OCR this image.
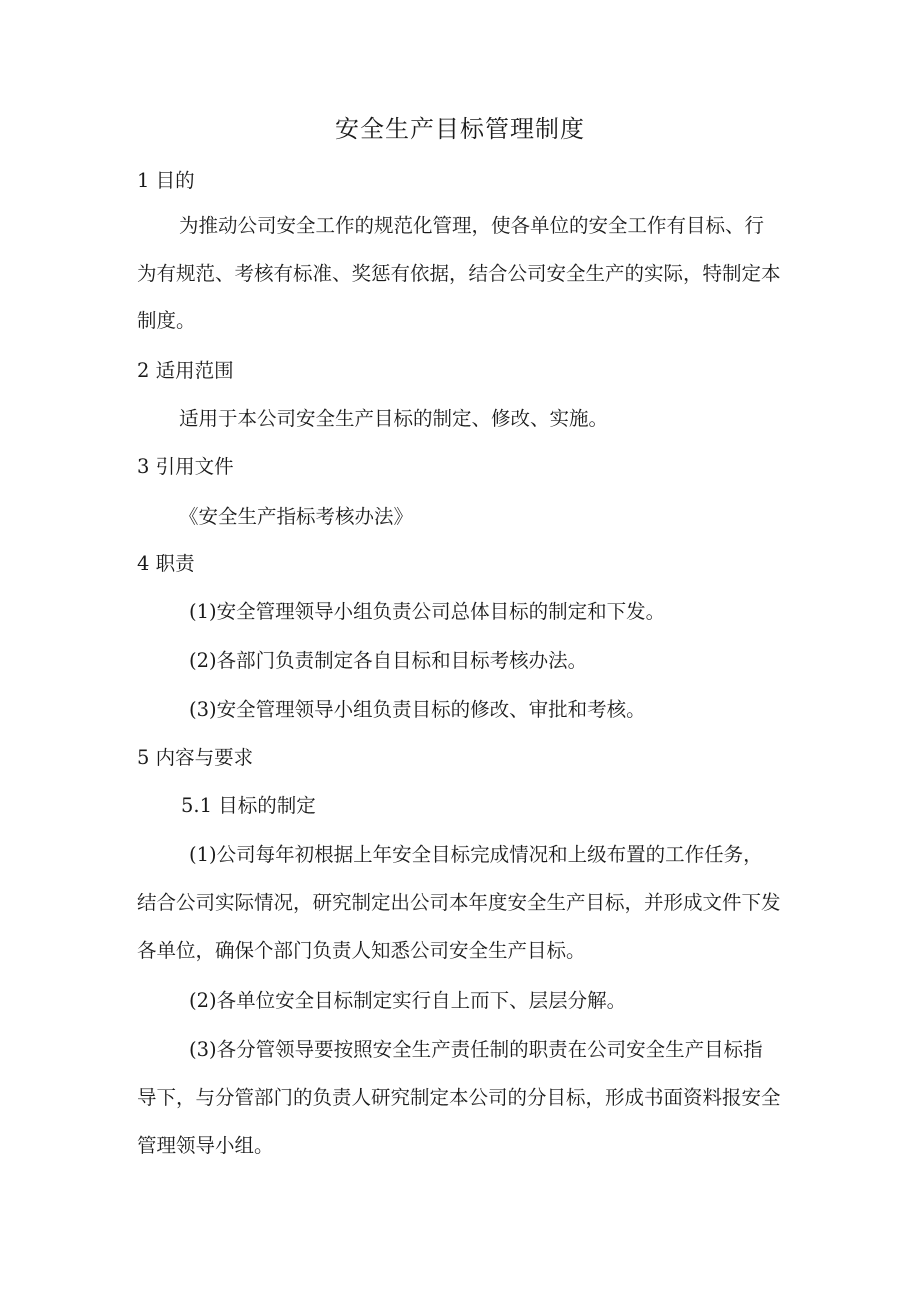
安全生产目标管理制度
1 目的
为推动公司安全工作的规范化管理，使各单位的安全工作有目标、行
为有规范、考核有标准、奖惩有依据，结合公司安全生产的实际，特制定本
制度。
2 适用范围
适用于本公司安全生产目标的制定、修改、实施。
3 引用文件
《安全生产指标考核办法》
4 职责
(1)安全管理领导小组负责公司总体目标的制定和下发。
(2)各部门负责制定各自目标和目标考核办法。
(3)安全管理领导小组负责目标的修改、审批和考核。
5 内容与要求
5.1 目标的制定
(1)公司每年初根据上年安全目标完成情况和上级布置的工作任务，
结合公司实际情况，研究制定出公司本年度安全生产目标，并形成文件下发
各单位，确保个部门负责人知悉公司安全生产目标。
(2)各单位安全目标制定实行自上而下、层层分解。
(3)各分管领导要按照安全生产责任制的职责在公司安全生产目标指
导下，与分管部门的负责人研究制定本公司的分目标，形成书面资料报安全
管理领导小组。
